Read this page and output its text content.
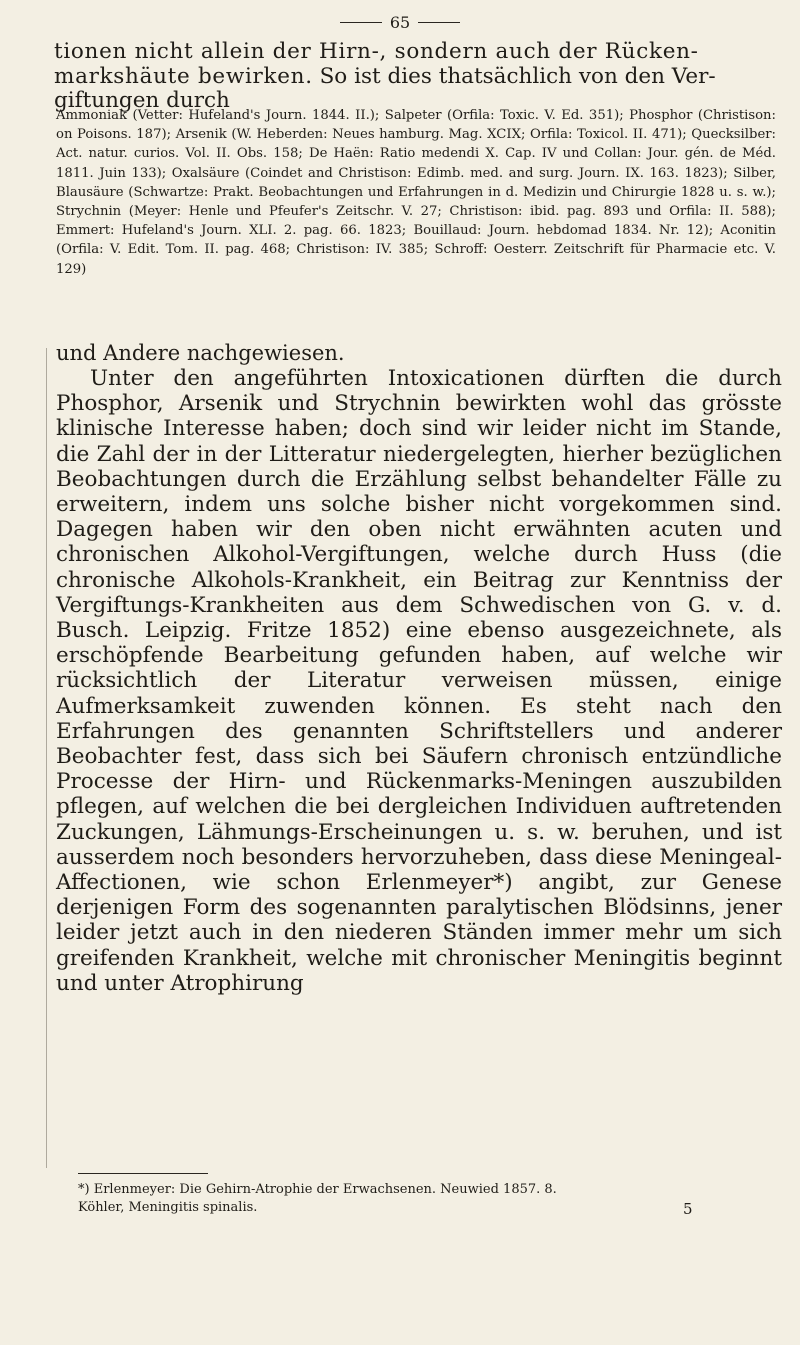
65

tionen nicht allein der Hirn-, sondern auch der Rücken-

markshäute bewirken. So ist dies thatsächlich von den Ver-

giftungen durch

Ammoniak (Vetter: Hufeland's Journ. 1844. II.); Salpeter (Orfila: Toxic. V. Ed. 351); Phosphor (Christison: on Poisons. 187); Arsenik (W. Heberden: Neues hamburg. Mag. XCIX; Orfila: Toxicol. II. 471); Quecksilber: Act. natur. curios. Vol. II. Obs. 158; De Haën: Ratio medendi X. Cap. IV und Collan: Jour. gén. de Méd. 1811. Juin 133); Oxalsäure (Coindet and Christison: Edimb. med. and surg. Journ. IX. 163. 1823); Silber, Blausäure (Schwartze: Prakt. Beobachtungen und Erfahrungen in d. Medizin und Chirurgie 1828 u. s. w.); Strychnin (Meyer: Henle und Pfeufer's Zeitschr. V. 27; Christison: ibid. pag. 893 und Orfila: II. 588); Emmert: Hufeland's Journ. XLI. 2. pag. 66. 1823; Bouillaud: Journ. hebdomad 1834. Nr. 12); Aconitin (Orfila: V. Edit. Tom. II. pag. 468; Christison: IV. 385; Schroff: Oesterr. Zeitschrift für Pharmacie etc. V. 129)

und Andere nachgewiesen.

Unter den angeführten Intoxicationen dürften die durch Phosphor, Arsenik und Strychnin bewirkten wohl das grösste klinische Interesse haben; doch sind wir leider nicht im Stande, die Zahl der in der Litteratur niedergelegten, hierher bezüglichen Beobachtungen durch die Erzählung selbst behandelter Fälle zu erweitern, indem uns solche bisher nicht vorgekommen sind. Dagegen haben wir den oben nicht erwähnten acuten und chronischen Alkohol-Vergiftungen, welche durch Huss (die chronische Alkohols-Krankheit, ein Beitrag zur Kenntniss der Vergiftungs-Krankheiten aus dem Schwedischen von G. v. d. Busch. Leipzig. Fritze 1852) eine ebenso ausgezeichnete, als erschöpfende Bearbeitung gefunden haben, auf welche wir rücksichtlich der Literatur verweisen müssen, einige Aufmerksamkeit zuwenden können. Es steht nach den Erfahrungen des genannten Schriftstellers und anderer Beobachter fest, dass sich bei Säufern chronisch entzündliche Processe der Hirn- und Rückenmarks-Meningen auszubilden pflegen, auf welchen die bei dergleichen Individuen auftretenden Zuckungen, Lähmungs-Erscheinungen u. s. w. beruhen, und ist ausserdem noch besonders hervorzuheben, dass diese Meningeal-Affectionen, wie schon Erlenmeyer*) angibt, zur Genese derjenigen Form des sogenannten paralytischen Blödsinns, jener leider jetzt auch in den niederen Ständen immer mehr um sich greifenden Krankheit, welche mit chronischer Meningitis beginnt und unter Atrophirung

*) Erlenmeyer: Die Gehirn-Atrophie der Erwachsenen. Neuwied 1857. 8.

Köhler, Meningitis spinalis.	5
